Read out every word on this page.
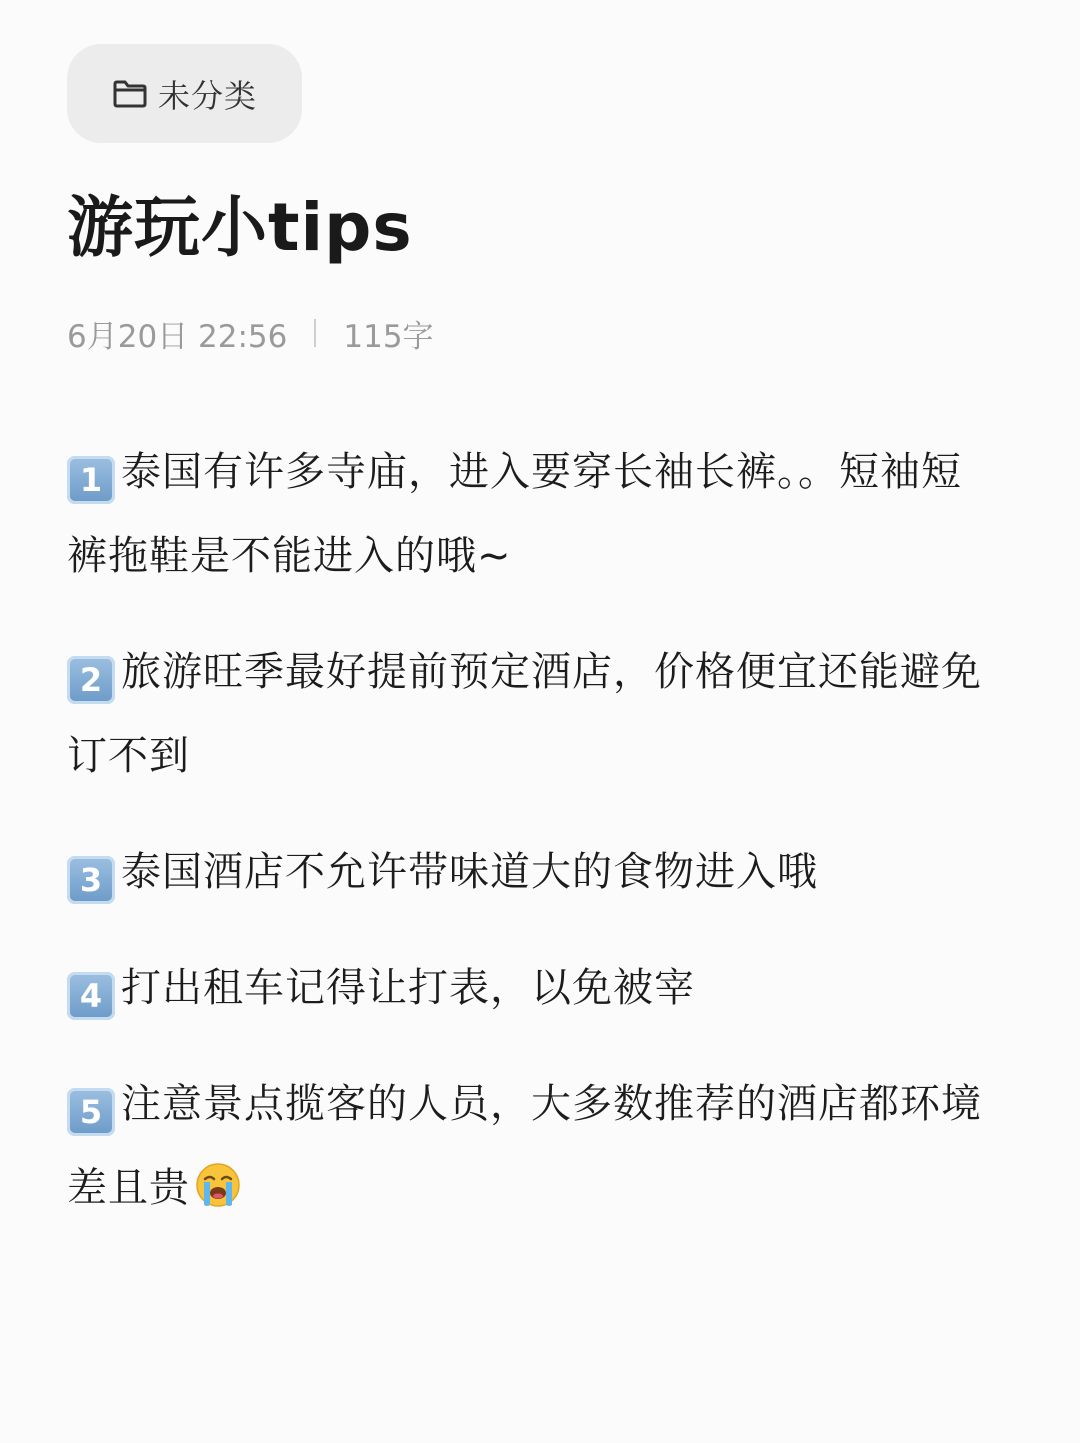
未分类
游玩小tips
6月20日 22:56 115字

1 泰国有许多寺庙，进入要穿长袖长裤。。短袖短裤拖鞋是不能进入的哦~

2 旅游旺季最好提前预定酒店，价格便宜还能避免订不到

3 泰国酒店不允许带味道大的食物进入哦

4 打出租车记得让打表，以免被宰

5 注意景点揽客的人员，大多数推荐的酒店都环境差且贵
